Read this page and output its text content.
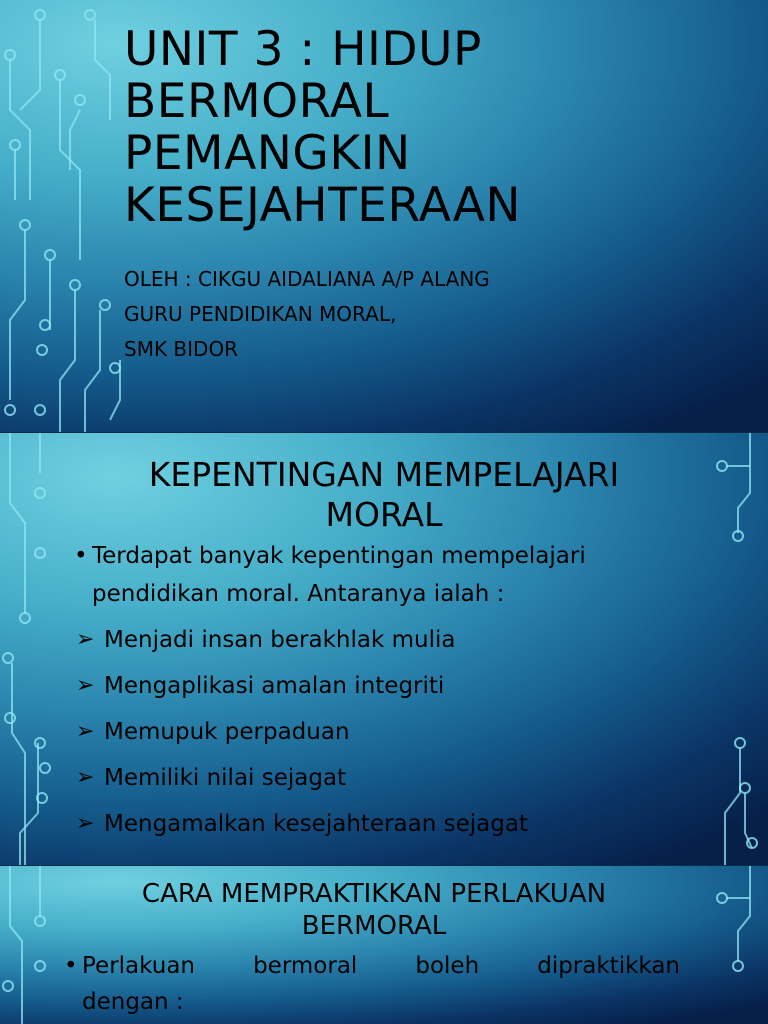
UNIT 3 : HIDUP
BERMORAL
PEMANGKIN
KESEJAHTERAAN
OLEH : CIKGU AIDALIANA A/P ALANG
GURU PENDIDIKAN MORAL,
SMK BIDOR
KEPENTINGAN MEMPELAJARI
MORAL
• Terdapat banyak kepentingan mempelajari pendidikan moral. Antaranya ialah :
➢ Menjadi insan berakhlak mulia
➢ Mengaplikasi amalan integriti
➢ Memupuk perpaduan
➢ Memiliki nilai sejagat
➢ Mengamalkan kesejahteraan sejagat
CARA MEMPRAKTIKKAN PERLAKUAN
BERMORAL
• Perlakuan	bermoral	boleh	dipraktikkan
dengan :
